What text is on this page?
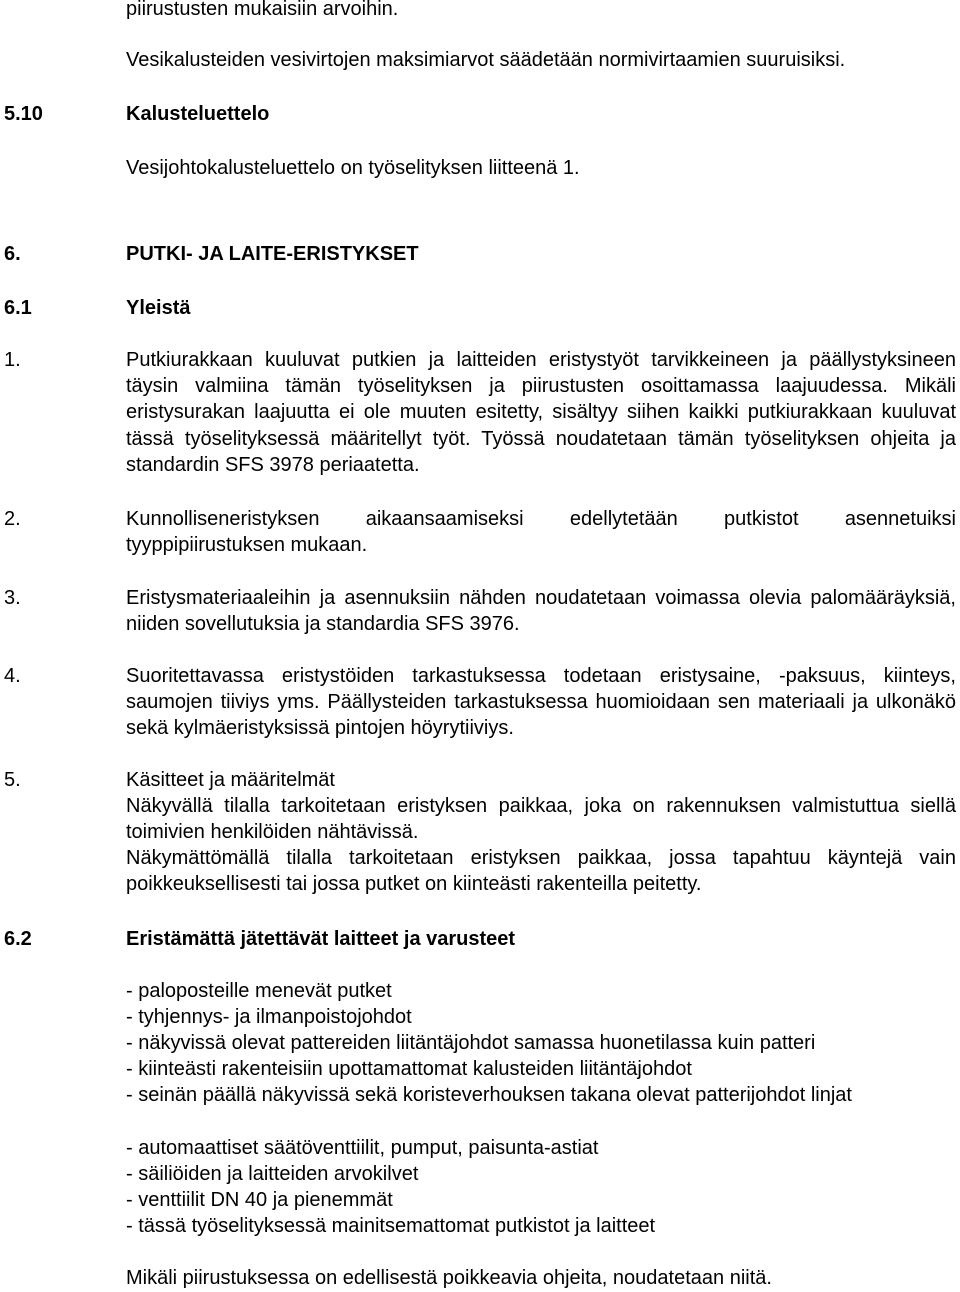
piirustusten mukaisiin arvoihin.
Vesikalusteiden vesivirtojen maksimiarvot säädetään normivirtaamien suuruisiksi.
5.10	Kalusteluettelo
Vesijohtokalusteluettelo on työselityksen liitteenä 1.
6.	PUTKI- JA LAITE-ERISTYKSET
6.1	Yleistä
1.	Putkiurakkaan kuuluvat putkien ja laitteiden eristystyöt tarvikkeineen ja päällystyksineen täysin valmiina tämän työselityksen ja piirustusten osoittamassa laajuudessa. Mikäli eristysurakan laajuutta ei ole muuten esitetty, sisältyy siihen kaikki putkiurakkaan kuuluvat tässä työselityksessä määritellyt työt. Työssä noudatetaan tämän työselityksen ohjeita ja standardin SFS 3978 periaatetta.
2.	Kunnolliseneristyksen aikaansaamiseksi edellytetään putkistot asennetuiksi tyyppipiirustuksen mukaan.
3.	Eristysmateriaaleihin ja asennuksiin nähden noudatetaan voimassa olevia palomääräyksiä, niiden sovellutuksia ja standardia SFS 3976.
4.	Suoritettavassa eristystöiden tarkastuksessa todetaan eristysaine, -paksuus, kiinteys, saumojen tiiviys yms. Päällysteiden tarkastuksessa huomioidaan sen materiaali ja ulkonäkö sekä kylmäeristyksissä pintojen höyrytiiviys.
5.	Käsitteet ja määritelmät
Näkyvällä tilalla tarkoitetaan eristyksen paikkaa, joka on rakennuksen valmistuttua siellä toimivien henkilöiden nähtävissä.
Näkymättömällä tilalla tarkoitetaan eristyksen paikkaa, jossa tapahtuu käyntejä vain poikkeuksellisesti tai jossa putket on kiinteästi rakenteilla peitetty.
6.2	Eristämättä jätettävät laitteet ja varusteet
- paloposteille menevät putket
- tyhjennys- ja ilmanpoistojohdot
- näkyvissä olevat pattereiden liitäntäjohdot samassa huonetilassa kuin patteri
- kiinteästi rakenteisiin upottamattomat kalusteiden liitäntäjohdot
- seinän päällä näkyvissä sekä koristeverhouksen takana olevat patterijohdot linjat
- automaattiset säätöventtiilit, pumput, paisunta-astiat
- säiliöiden ja laitteiden arvokilvet
- venttiilit DN 40 ja pienemmät
- tässä työselityksessä mainitsemattomat putkistot ja laitteet
Mikäli piirustuksessa on edellisestä poikkeavia ohjeita, noudatetaan niitä.
